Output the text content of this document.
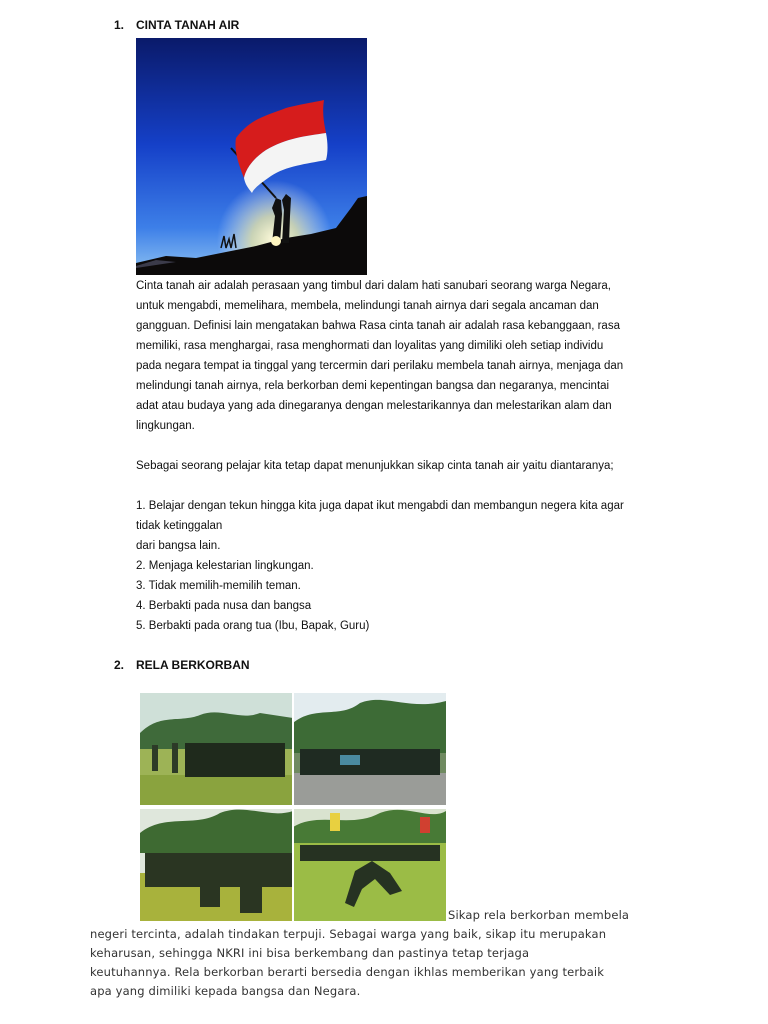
1. CINTA TANAH AIR
Cinta tanah air adalah perasaan yang timbul dari dalam hati sanubari seorang warga Negara,
untuk mengabdi, memelihara, membela, melindungi tanah airnya dari segala ancaman dan
gangguan. Definisi lain mengatakan bahwa Rasa cinta tanah air adalah rasa kebanggaan, rasa
memiliki, rasa menghargai, rasa menghormati dan loyalitas yang dimiliki oleh setiap individu
pada negara tempat ia tinggal yang tercermin dari perilaku membela tanah airnya, menjaga dan
melindungi tanah airnya, rela berkorban demi kepentingan bangsa dan negaranya, mencintai
adat atau budaya yang ada dinegaranya dengan melestarikannya dan melestarikan alam dan
lingkungan.
Sebagai seorang pelajar kita tetap dapat menunjukkan sikap cinta tanah air yaitu diantaranya;
1. Belajar dengan tekun hingga kita juga dapat ikut mengabdi dan membangun negera kita agar
tidak ketinggalan
dari bangsa lain.
2. Menjaga kelestarian lingkungan.
3. Tidak memilih-memilih teman.
4. Berbakti pada nusa dan bangsa
5. Berbakti pada orang tua (Ibu, Bapak, Guru)
2. RELA BERKORBAN
Sikap rela berkorban membela
negeri tercinta, adalah tindakan terpuji. Sebagai warga yang baik, sikap itu merupakan
keharusan, sehingga NKRI ini bisa berkembang dan pastinya tetap terjaga
keutuhannya. Rela berkorban berarti bersedia dengan ikhlas memberikan yang terbaik
apa yang dimiliki kepada bangsa dan Negara.
